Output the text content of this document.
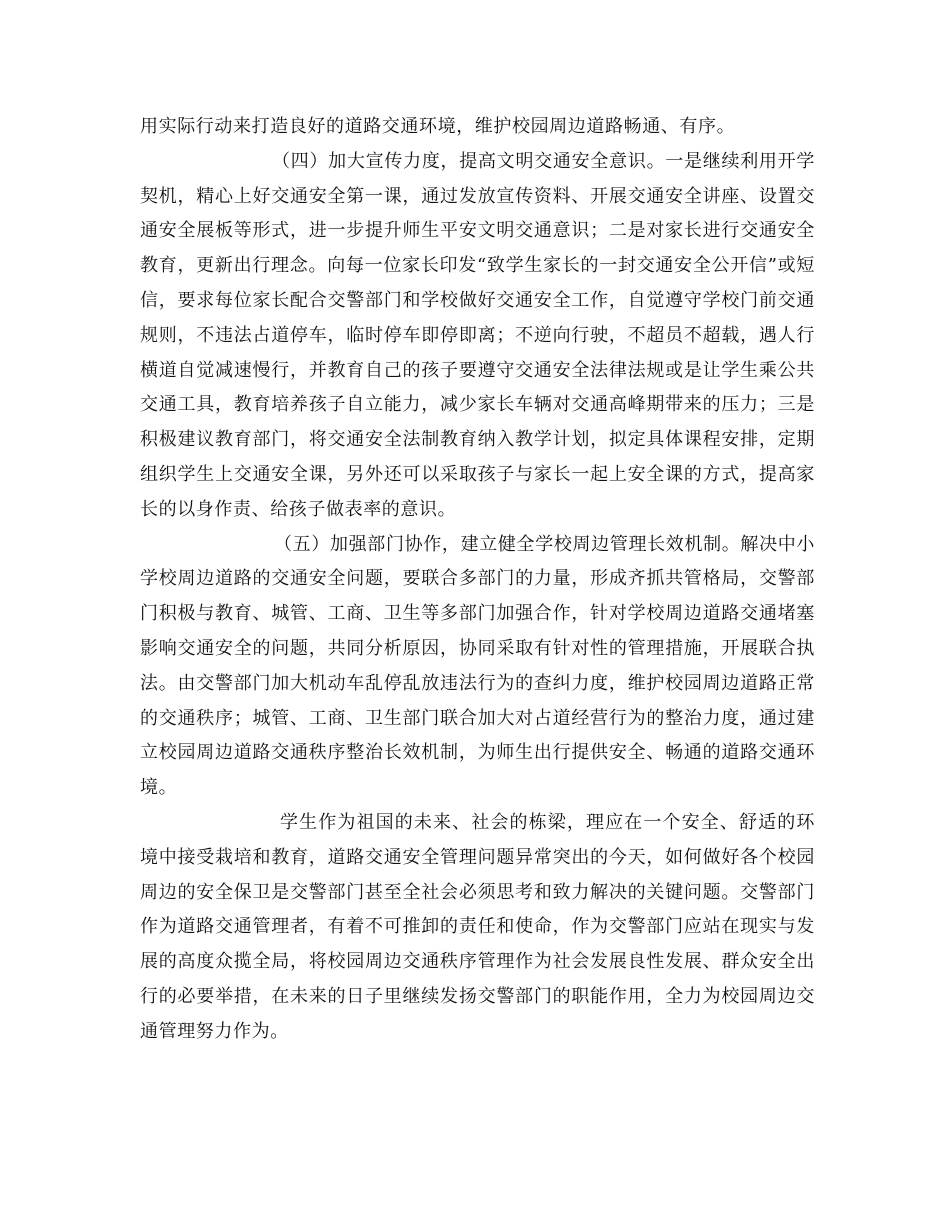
用实际行动来打造良好的道路交通环境，维护校园周边道路畅通、有序。

（四）加大宣传力度，提高文明交通安全意识。一是继续利用开学契机，精心上好交通安全第一课，通过发放宣传资料、开展交通安全讲座、设置交通安全展板等形式，进一步提升师生平安文明交通意识；二是对家长进行交通安全教育，更新出行理念。向每一位家长印发“致学生家长的一封交通安全公开信”或短信，要求每位家长配合交警部门和学校做好交通安全工作，自觉遵守学校门前交通规则，不违法占道停车，临时停车即停即离；不逆向行驶，不超员不超载，遇人行横道自觉减速慢行，并教育自己的孩子要遵守交通安全法律法规或是让学生乘公共交通工具，教育培养孩子自立能力，减少家长车辆对交通高峰期带来的压力；三是积极建议教育部门，将交通安全法制教育纳入教学计划，拟定具体课程安排，定期组织学生上交通安全课，另外还可以采取孩子与家长一起上安全课的方式，提高家长的以身作责、给孩子做表率的意识。

（五）加强部门协作，建立健全学校周边管理长效机制。解决中小学校周边道路的交通安全问题，要联合多部门的力量，形成齐抓共管格局，交警部门积极与教育、城管、工商、卫生等多部门加强合作，针对学校周边道路交通堵塞影响交通安全的问题，共同分析原因，协同采取有针对性的管理措施，开展联合执法。由交警部门加大机动车乱停乱放违法行为的查纠力度，维护校园周边道路正常的交通秩序；城管、工商、卫生部门联合加大对占道经营行为的整治力度，通过建立校园周边道路交通秩序整治长效机制，为师生出行提供安全、畅通的道路交通环境。

学生作为祖国的未来、社会的栋梁，理应在一个安全、舒适的环境中接受栽培和教育，道路交通安全管理问题异常突出的今天，如何做好各个校园周边的安全保卫是交警部门甚至全社会必须思考和致力解决的关键问题。交警部门作为道路交通管理者，有着不可推卸的责任和使命，作为交警部门应站在现实与发展的高度众揽全局，将校园周边交通秩序管理作为社会发展良性发展、群众安全出行的必要举措，在未来的日子里继续发扬交警部门的职能作用，全力为校园周边交通管理努力作为。
